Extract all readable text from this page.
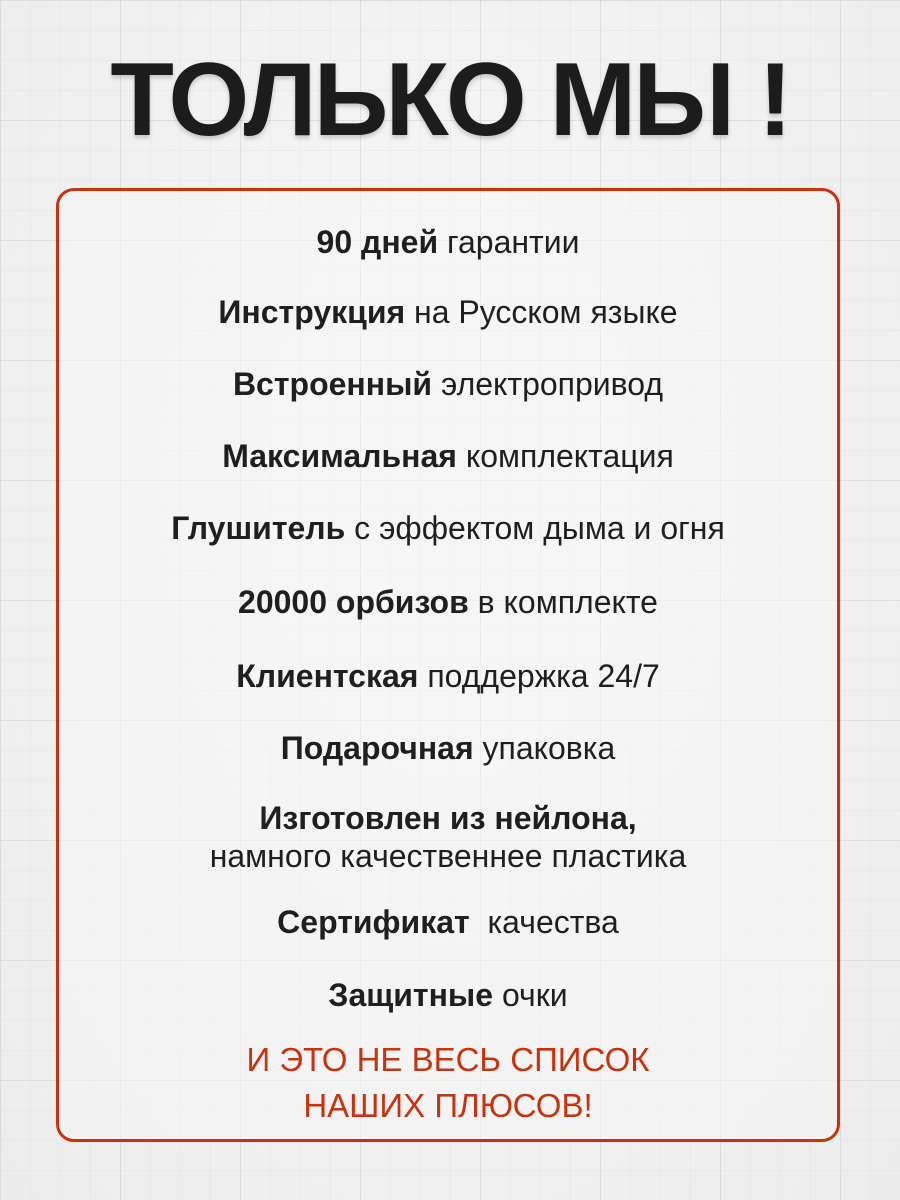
ТОЛЬКО МЫ !
90 дней гарантии
Инструкция на Русском языке
Встроенный электропривод
Максимальная комплектация
Глушитель с эффектом дыма и огня
20000 орбизов в комплекте
Клиентская поддержка 24/7
Подарочная упаковка
Изготовлен из нейлона,
намного качественнее пластика
Сертификат качества
Защитные очки
И ЭТО НЕ ВЕСЬ СПИСОК
НАШИХ ПЛЮСОВ!
